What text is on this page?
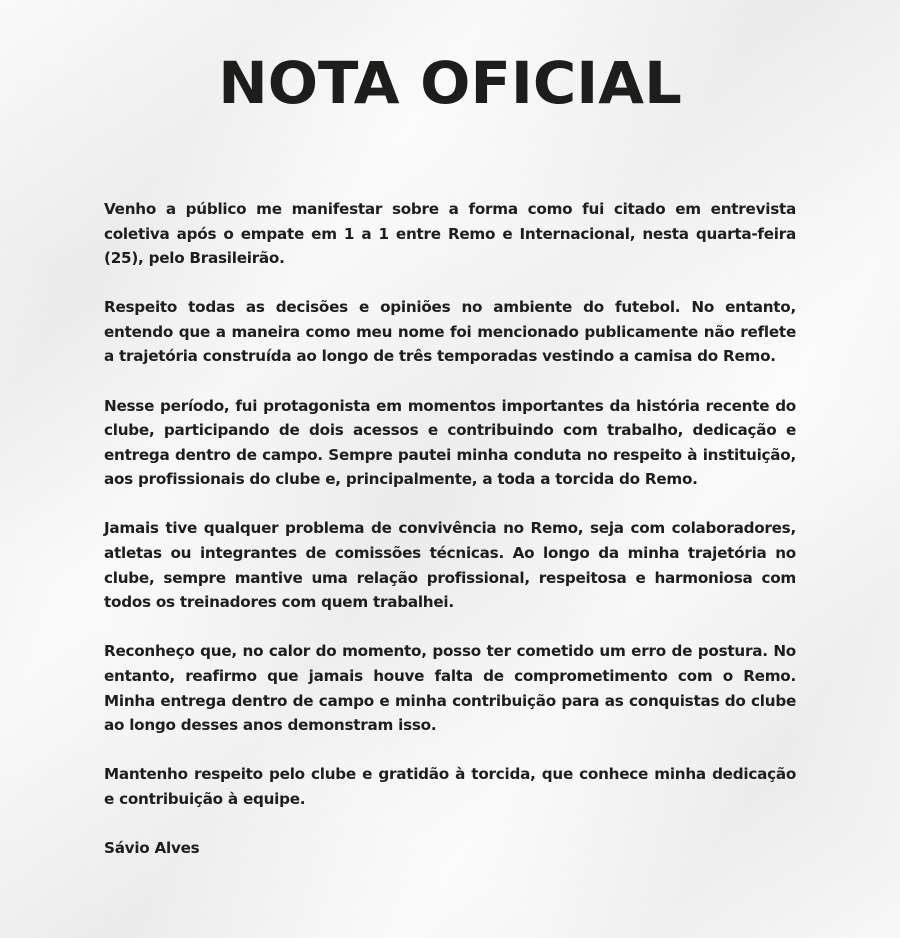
NOTA OFICIAL

Venho a público me manifestar sobre a forma como fui citado em entrevista coletiva após o empate em 1 a 1 entre Remo e Internacional, nesta quarta-feira (25), pelo Brasileirão.

Respeito todas as decisões e opiniões no ambiente do futebol. No entanto, entendo que a maneira como meu nome foi mencionado publicamente não reflete a trajetória construída ao longo de três temporadas vestindo a camisa do Remo.

Nesse período, fui protagonista em momentos importantes da história recente do clube, participando de dois acessos e contribuindo com trabalho, dedicação e entrega dentro de campo. Sempre pautei minha conduta no respeito à instituição, aos profissionais do clube e, principalmente, a toda a torcida do Remo.

Jamais tive qualquer problema de convivência no Remo, seja com colaboradores, atletas ou integrantes de comissões técnicas. Ao longo da minha trajetória no clube, sempre mantive uma relação profissional, respeitosa e harmoniosa com todos os treinadores com quem trabalhei.

Reconheço que, no calor do momento, posso ter cometido um erro de postura. No entanto, reafirmo que jamais houve falta de comprometimento com o Remo. Minha entrega dentro de campo e minha contribuição para as conquistas do clube ao longo desses anos demonstram isso.

Mantenho respeito pelo clube e gratidão à torcida, que conhece minha dedicação e contribuição à equipe.

Sávio Alves
